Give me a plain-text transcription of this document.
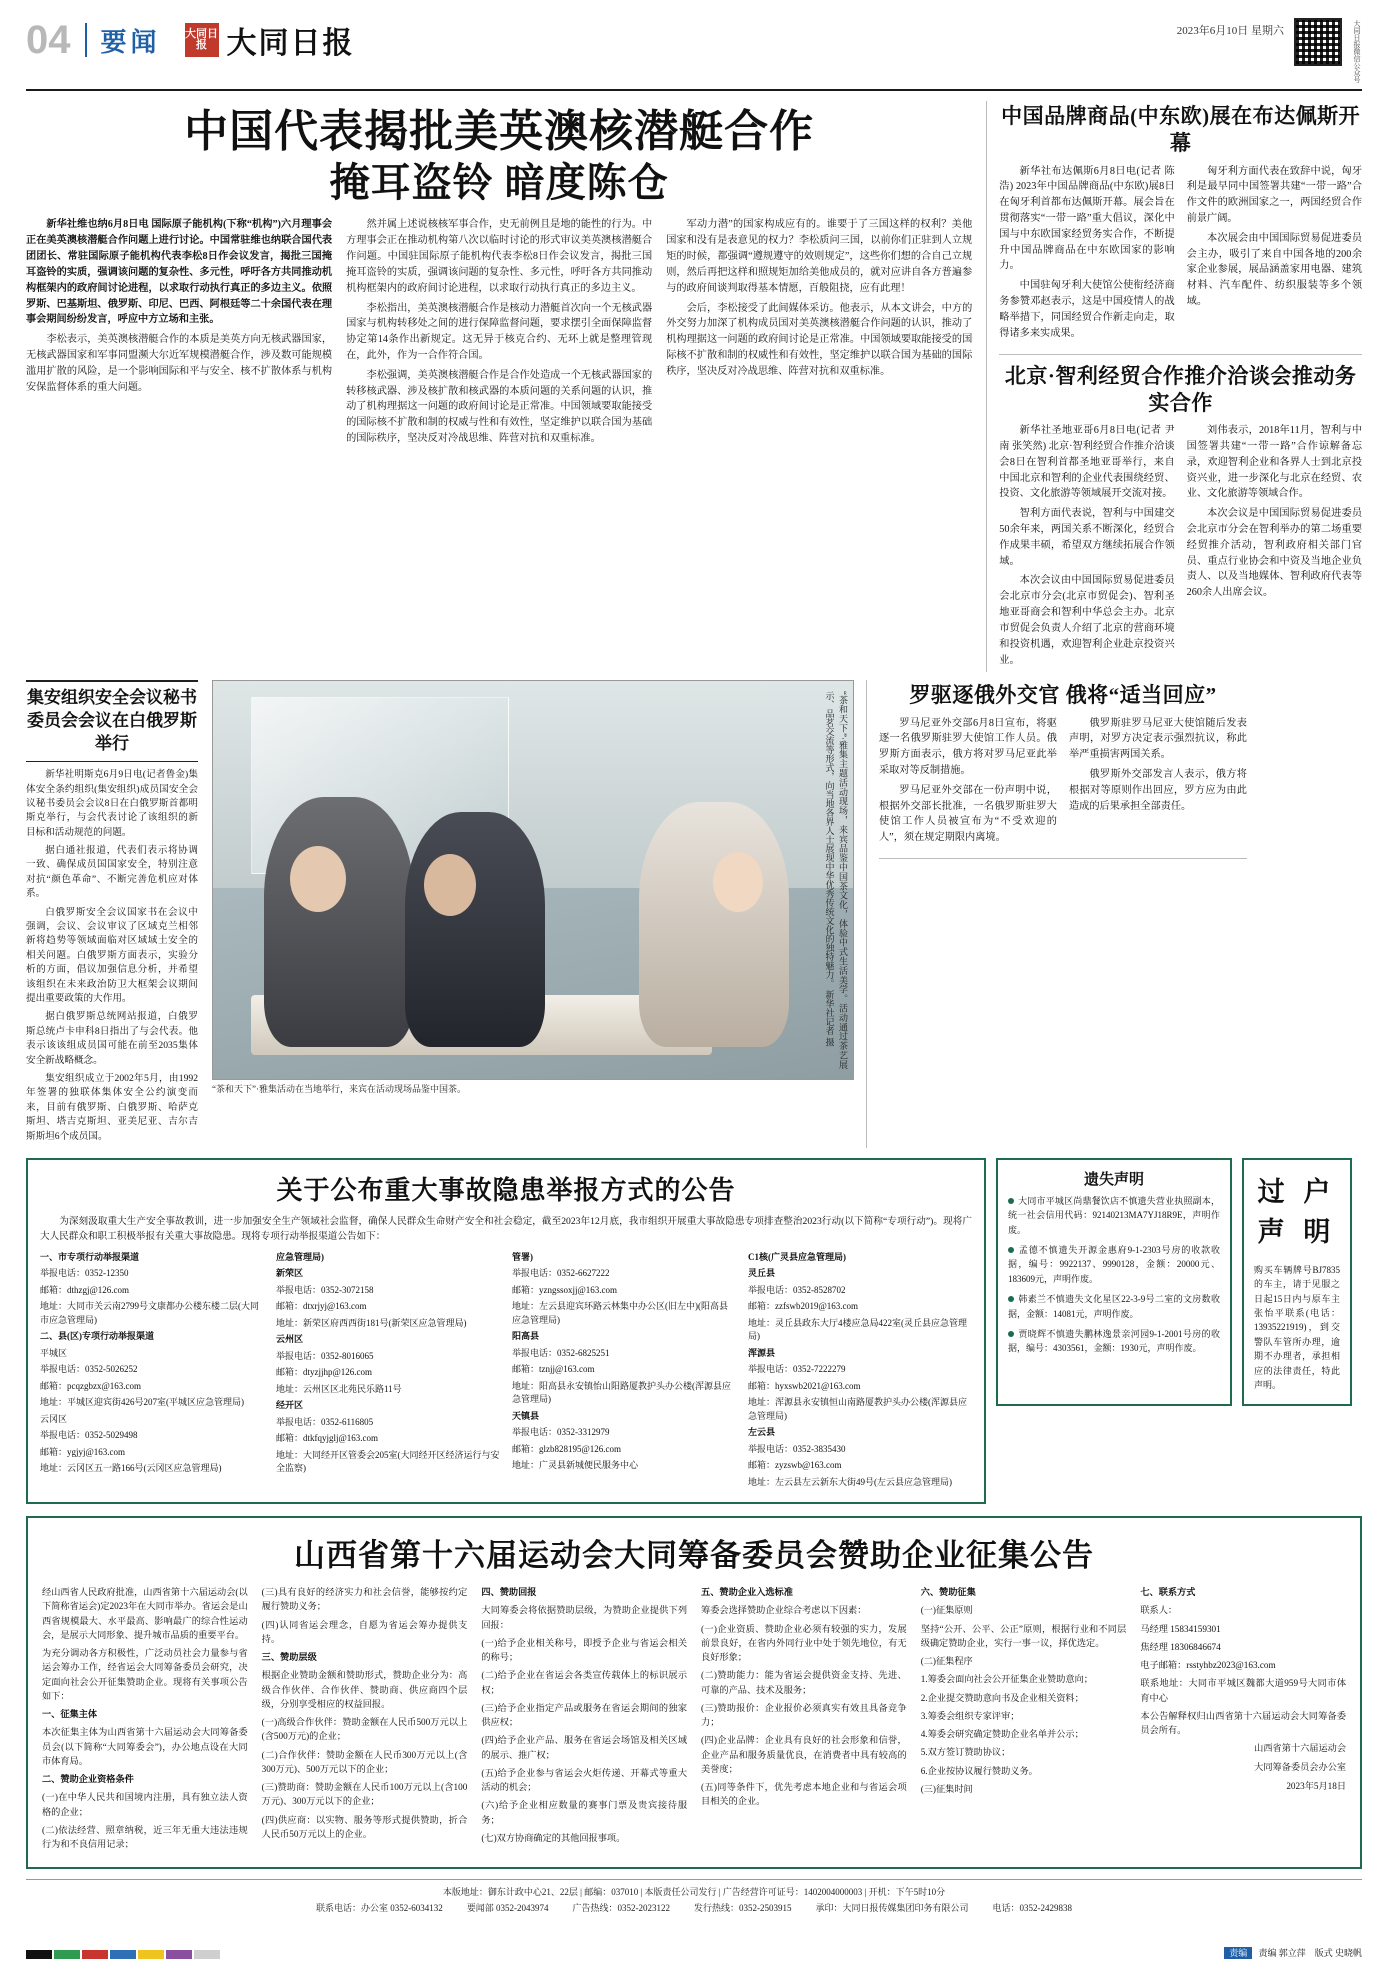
04 要闻 大同日报 大同日报	2023年6月10日 星期六	大同日报微信公众号
中国代表揭批美英澳核潜艇合作
掩耳盗铃 暗度陈仓

新华社维也纳6月8日电 国际原子能机构(下称“机构”)六月理事会正在美英澳核潜艇合作问题上进行讨论。中国常驻维也纳联合国代表团团长、常驻国际原子能机构代表李松8日作会议发言，揭批三国掩耳盗铃的实质，强调该问题的复杂性、多元性，呼吁各方共同推动机构框架内的政府间讨论进程，以求取行动执行真正的多边主义。依照罗斯、巴基斯坦、俄罗斯、印尼、巴西、阿根廷等二十余国代表在理事会期间纷纷发言，呼应中方立场和主张。

李松表示，美英澳核潜艇合作的本质是美英方向无核武器国家，无核武器国家和军事同盟濒大尔近军规模潜艇合作，涉及数可能规模滥用扩散的风险，是一个影响国际和平与安全、核不扩散体系与机构安保监督体系的重大问题。

然并属上述说核核军事合作，史无前例且是地的能性的行为。中方理事会正在推动机构第八次以临时讨论的形式审议美英澳核潜艇合作问题。中国驻国际原子能机构代表李松8日作会议发言，揭批三国掩耳盗铃的实质，强调该问题的复杂性、多元性，呼吁各方共同推动机构框架内的政府间讨论进程，以求取行动执行真正的多边主义。

李松指出，美英澳核潜艇合作是核动力潜艇首次向一个无核武器国家与机构转移处之间的进行保障监督问题，要求摆引全面保障监督协定第14条作出新规定。这无异于核克合约、无环上就是整理管现在，此外，作为一合作符合国。

李松强调，美英澳核潜艇合作是合作处造成一个无核武器国家的转移核武器、涉及核扩散和核武器的本质问题的关系问题的认识，推动了机构理据这一问题的政府间讨论是正常准。中国领域要取能接受的国际核不扩散和制的权威与性和有效性，坚定维护以联合国为基础的国际秩序，坚决反对冷战思维、阵营对抗和双重标准。

军动力潜”的国家构成应有的。谁要于了三国这样的权利？美他国家和没有是表意见的权力？李松质问三国，以前你们正驻到人立规矩的时候，都强调“遵规遵守的效则规定”，这些你们想的合自己立规则，然后再把这样和照规矩加给美他成员的，就对应讲自各方普遍参与的政府间谈判取得基本情愿，百般阻挠，应有此理！

会后，李松接受了此间媒体采访。他表示，从本文讲会，中方的外交努力加深了机构成员国对美英澳核潜艇合作问题的认识，推动了机构理据这一问题的政府间讨论是正常准。中国领域要取能接受的国际核不扩散和制的权威性和有效性，坚定维护以联合国为基础的国际秩序，坚决反对冷战思维、阵营对抗和双重标准。

中国品牌商品(中东欧)展在布达佩斯开幕

新华社布达佩斯6月8日电(记者 陈浩) 2023年中国品牌商品(中东欧)展8日在匈牙利首都布达佩斯开幕。展会旨在贯彻落实“一带一路”重大倡议，深化中国与中东欧国家经贸务实合作，不断提升中国品牌商品在中东欧国家的影响力。

中国驻匈牙利大使馆公使衔经济商务参赞邓赵表示，这是中国疫情人的战略举措下，同国经贸合作新走向走，取得诸多来实成果。

匈牙利方面代表在致辞中说，匈牙利是最早同中国签署共建“一带一路”合作文件的欧洲国家之一，两国经贸合作前景广阔。

本次展会由中国国际贸易促进委员会主办，吸引了来自中国各地的200余家企业参展，展品涵盖家用电器、建筑材料、汽车配件、纺织服装等多个领域。

北京·智利经贸合作推介洽谈会推动务实合作

新华社圣地亚哥6月8日电(记者 尹南 张笑然) 北京·智利经贸合作推介洽谈会8日在智利首都圣地亚哥举行，来自中国北京和智利的企业代表围绕经贸、投资、文化旅游等领域展开交流对接。

智利方面代表说，智利与中国建交50余年来，两国关系不断深化，经贸合作成果丰硕，希望双方继续拓展合作领域。

本次会议由中国国际贸易促进委员会北京市分会(北京市贸促会)、智利圣地亚哥商会和智利中华总会主办。北京市贸促会负责人介绍了北京的营商环境和投资机遇，欢迎智利企业赴京投资兴业。

刘伟表示，2018年11月，智利与中国签署共建“一带一路”合作谅解备忘录，欢迎智利企业和各界人士到北京投资兴业，进一步深化与北京在经贸、农业、文化旅游等领域合作。

本次会议是中国国际贸易促进委员会北京市分会在智利举办的第二场重要经贸推介活动，智利政府相关部门官员、重点行业协会和中资及当地企业负责人、以及当地媒体、智利政府代表等260余人出席会议。

集安组织安全会议秘书委员会会议在白俄罗斯举行

新华社明斯克6月9日电(记者鲁金)集体安全条约组织(集安组织)成员国安全会议秘书委员会会议8日在白俄罗斯首都明斯克举行，与会代表讨论了该组织的新目标和活动规范的问题。

据白通社报道，代表们表示将协调一致、确保成员国国家安全，特别注意对抗“颜色革命”、不断完善危机应对体系。

白俄罗斯安全会议国家书在会议中强调，会议、会议审议了区域克兰相邻新将趋势等领域面临对区域域土安全的相关问题。白俄罗斯方面表示，实验分析的方面，倡议加强信息分析，并希望该组织在未来政治防卫大框架会议期间提出重要政策的大作用。

据白俄罗斯总统网站报道，白俄罗斯总统卢卡申科8日指出了与会代表。他表示该该组成员国可能在前至2035集体安全新战略概念。

集安组织成立于2002年5月，由1992年签署的独联体集体安全公约演变而来，目前有俄罗斯、白俄罗斯、哈萨克斯坦、塔吉克斯坦、亚美尼亚、吉尔吉斯斯坦6个成员国。

“茶和天下”·雅集主题活动现场，来宾品鉴中国茶文化，体验中式生活美学。活动通过茶艺展示、品茗交流等形式，向当地各界人士展现中华优秀传统文化的独特魅力。 新华社记者 摄
“茶和天下”·雅集活动在当地举行，来宾在活动现场品鉴中国茶。
罗驱逐俄外交官 俄将“适当回应”

罗马尼亚外交部6月8日宣布，将驱逐一名俄罗斯驻罗大使馆工作人员。俄罗斯方面表示，俄方将对罗马尼亚此举采取对等反制措施。

罗马尼亚外交部在一份声明中说，根据外交部长批准，一名俄罗斯驻罗大使馆工作人员被宣布为“不受欢迎的人”，须在规定期限内离境。

俄罗斯驻罗马尼亚大使馆随后发表声明，对罗方决定表示强烈抗议，称此举严重损害两国关系。

俄罗斯外交部发言人表示，俄方将根据对等原则作出回应，罗方应为由此造成的后果承担全部责任。

关于公布重大事故隐患举报方式的公告
为深刻汲取重大生产安全事故教训，进一步加强安全生产领域社会监督，确保人民群众生命财产安全和社会稳定，截至2023年12月底，我市组织开展重大事故隐患专项排查整治2023行动(以下简称“专项行动”)。现将广大人民群众和职工积极举报有关重大事故隐患。现将专项行动举报渠道公告如下：

一、市专项行动举报渠道

举报电话：0352-12350

邮箱：dthzgj@126.com

地址：大同市关云南2799号文康都办公楼东楼二层(大同市应急管理局)

二、县(区)专项行动举报渠道

平城区

举报电话：0352-5026252

邮箱：pcqzgbzx@163.com

地址：平城区迎宾街426号207室(平城区应急管理局)

云冈区

举报电话：0352-5029498

邮箱：ygjyj@163.com

地址：云冈区五一路166号(云冈区应急管理局)

应急管理局)

新荣区

举报电话：0352-3072158

邮箱：dtxrjyj@163.com

地址：新荣区府西西街181号(新荣区应急管理局)

云州区

举报电话：0352-8016065

邮箱：dtyzjjhp@126.com

地址：云州区区北苑民乐路11号

经开区

举报电话：0352-6116805

邮箱：dtkfqyjglj@163.com

地址：大同经开区管委会205室(大同经开区经济运行与安全监察)

管署)

举报电话：0352-6627222

邮箱：yzngssoxjj@163.com

地址：左云县迎宾环路云林集中办公区(旧左中)(阳高县应急管理局)

阳高县

举报电话：0352-6825251

邮箱：tznjj@163.com

地址：阳高县永安镇怡山阳路厦教护头办公楼(浑源县应急管理局)

天镇县

举报电话：0352-3312979

邮箱：glzb828195@126.com

地址：广灵县新城便民服务中心

C1核(广灵县应急管理局)

灵丘县

举报电话：0352-8528702

邮箱：zzfswb2019@163.com

地址：灵丘县政东大厅4楼应急局422室(灵丘县应急管理局)

浑源县

举报电话：0352-7222279

邮箱：hyxswb2021@163.com

地址：浑源县永安镇恒山南路厦教护头办公楼(浑源县应急管理局)

左云县

举报电话：0352-3835430

邮箱：zyzswb@163.com

地址：左云县左云新东大街49号(左云县应急管理局)

遗失声明
大同市平城区尚鼎餐饮店不慎遗失营业执照副本，统一社会信用代码：92140213MA7YJ18R9E，声明作废。
孟德不慎遗失开源金惠府9-1-2303号房的收款收据，编号：9922137、9990128，金额：20000元、183609元，声明作废。
韩素兰不慎遗失文化星区22-3-9号二室的文房数收据，金额：14081元，声明作废。
贾晓辉不慎遗失鹏林逸景亲河园9-1-2001号房的收据，编号：4303561，金额：1930元，声明作废。
过 户
声 明
购买车辆牌号BJ7835的车主，请于见服之日起15日内与原车主张怡平联系(电话：13935221919)，到交警队车管所办理，逾期不办理者，承担相应的法律责任，特此声明。
山西省第十六届运动会大同筹备委员会赞助企业征集公告

经山西省人民政府批准，山西省第十六届运动会(以下简称省运会)定2023年在大同市举办。省运会是山西省规模最大、水平最高、影响最广的综合性运动会，是展示大同形象、提升城市品质的重要平台。

为充分调动各方积极性，广泛动员社会力量参与省运会筹办工作，经省运会大同筹备委员会研究，决定面向社会公开征集赞助企业。现将有关事项公告如下：

一、征集主体

本次征集主体为山西省第十六届运动会大同筹备委员会(以下简称“大同筹委会”)，办公地点设在大同市体育局。

二、赞助企业资格条件

(一)在中华人民共和国境内注册，具有独立法人资格的企业；

(二)依法经营、照章纳税，近三年无重大违法违规行为和不良信用记录；

(三)具有良好的经济实力和社会信誉，能够按约定履行赞助义务；

(四)认同省运会理念，自愿为省运会筹办提供支持。

三、赞助层级

根据企业赞助金额和赞助形式，赞助企业分为：高级合作伙伴、合作伙伴、赞助商、供应商四个层级，分别享受相应的权益回报。

(一)高级合作伙伴：赞助金额在人民币500万元以上(含500万元)的企业；

(二)合作伙伴：赞助金额在人民币300万元以上(含300万元)、500万元以下的企业；

(三)赞助商：赞助金额在人民币100万元以上(含100万元)、300万元以下的企业；

(四)供应商：以实物、服务等形式提供赞助，折合人民币50万元以上的企业。

四、赞助回报

大同筹委会将依据赞助层级，为赞助企业提供下列回报：

(一)给予企业相关称号，即授予企业与省运会相关的称号；

(二)给予企业在省运会各类宣传载体上的标识展示权；

(三)给予企业指定产品或服务在省运会期间的独家供应权；

(四)给予企业产品、服务在省运会场馆及相关区域的展示、推广权；

(五)给予企业参与省运会火炬传递、开幕式等重大活动的机会；

(六)给予企业相应数量的赛事门票及贵宾接待服务；

(七)双方协商确定的其他回报事项。

五、赞助企业入选标准

筹委会选择赞助企业综合考虑以下因素：

(一)企业资质、赞助企业必须有较强的实力，发展前景良好，在省内外同行业中处于领先地位，有无良好形象；

(二)赞助能力：能为省运会提供资金支持、先进、可靠的产品、技术及服务；

(三)赞助报价：企业报价必须真实有效且具备竞争力；

(四)企业品牌：企业具有良好的社会形象和信誉，企业产品和服务质量优良，在消费者中具有较高的美誉度；

(五)同等条件下，优先考虑本地企业和与省运会项目相关的企业。

六、赞助征集

(一)征集原则

坚持“公开、公平、公正”原则，根据行业和不同层级确定赞助企业，实行一事一议，择优选定。

(二)征集程序

1.筹委会面向社会公开征集企业赞助意向；

2.企业提交赞助意向书及企业相关资料；

3.筹委会组织专家评审；

4.筹委会研究确定赞助企业名单并公示；

5.双方签订赞助协议；

6.企业按协议履行赞助义务。

(三)征集时间

七、联系方式

联系人：

马经理 15834159301

焦经理 18306846674

电子邮箱：rsstyhbz2023@163.com

联系地址：大同市平城区魏都大道959号大同市体育中心

本公告解释权归山西省第十六届运动会大同筹备委员会所有。

山西省第十六届运动会

大同筹备委员会办公室

2023年5月18日

本版地址：御东计政中心21、22层 | 邮编：037010 | 本版责任公司发行 | 广告经营许可证号：1402004000003 | 开机：下午5时10分
联系电话：办公室 0352-6034132	要闻部 0352-2043974	广告热线：0352-2023122	发行热线：0352-2503915	承印：大同日报传媒集团印务有限公司	电话：0352-2429838
责编 责编 郭立萍 版式 史晓帆
